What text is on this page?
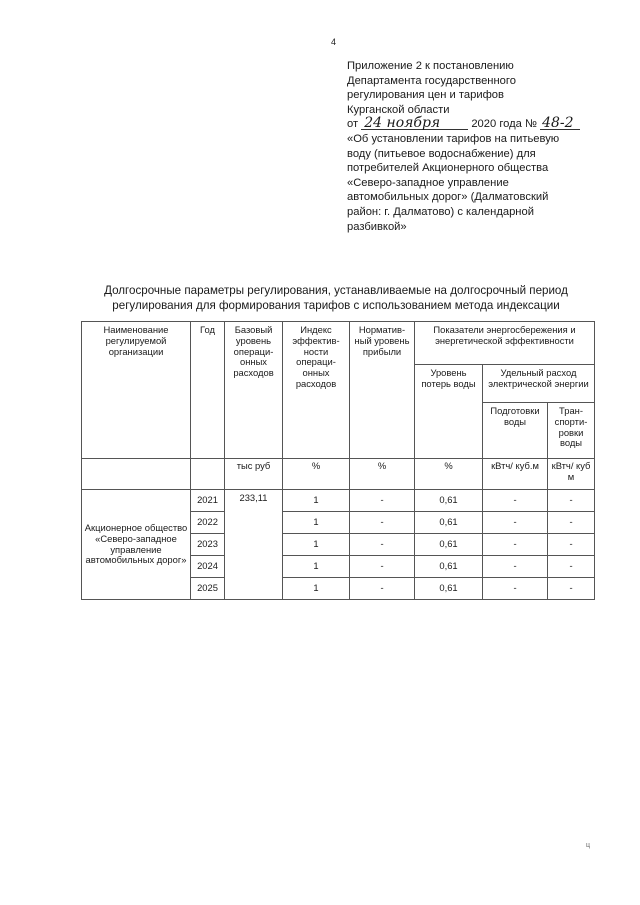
4
Приложение 2 к постановлению
Департамента государственного
регулирования цен и тарифов
Курганской области
от 24 ноября	2020 года № 48-2
«Об установлении тарифов на питьевую
воду (питьевое водоснабжение) для
потребителей Акционерного общества
«Северо-западное управление
автомобильных дорог» (Далматовский
район: г. Далматово) с календарной
разбивкой»
Долгосрочные параметры регулирования, устанавливаемые на долгосрочный период
регулирования для формирования тарифов с использованием метода индексации
Наименование регулируемой организации	Год	Базовый уровень операци-онных расходов	Индекс эффектив-ности операци-онных расходов	Норматив-ный уровень прибыли	Показатели энергосбережения и энергетической эффективности		
					Уровень потерь воды	Удельный расход электрической энергии	
						Подготовки воды	Тран-спорти-ровки воды
		тыс руб	%	%	%	кВтч/ куб.м	кВтч/ куб м
Акционерное общество «Северо-западное управление автомобильных дорог»	2021	233,11	1	-	0,61	-	-
	2022		1	-	0,61	-	-
	2023		1	-	0,61	-	-
	2024		1	-	0,61	-	-
	2025		1	-	0,61	-	-
ц
